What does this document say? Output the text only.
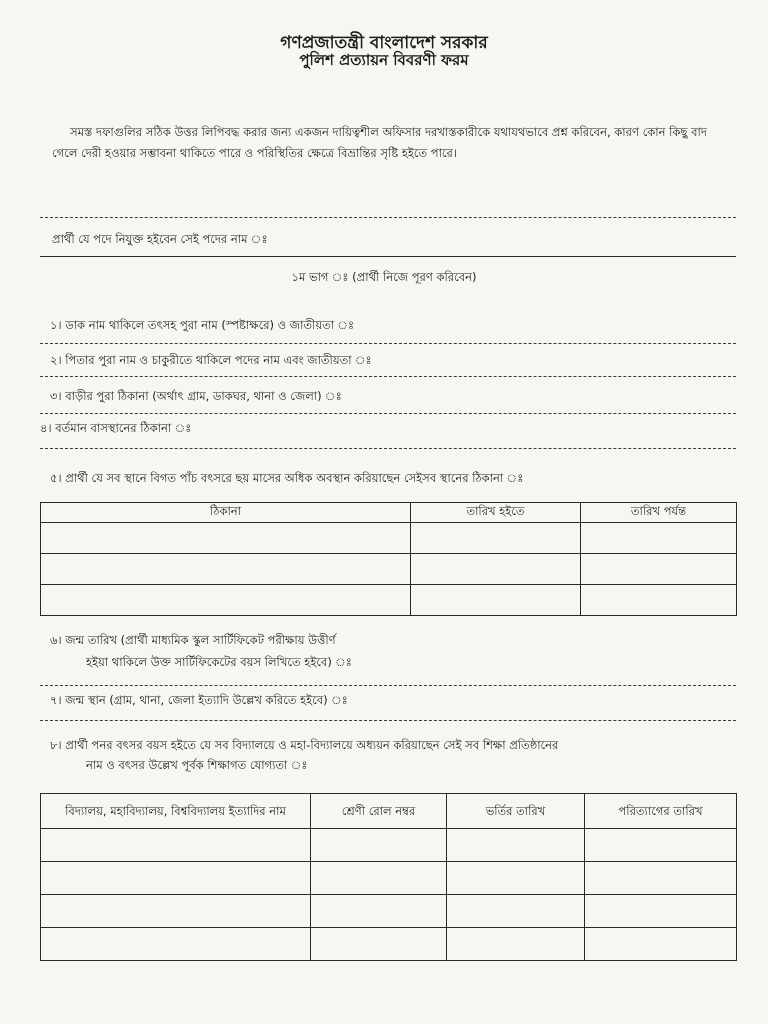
গণপ্রজাতন্ত্রী বাংলাদেশ সরকার
পুলিশ প্রত্যায়ন বিবরণী ফরম
সমস্ত দফাগুলির সঠিক উত্তর লিপিবদ্ধ করার জন্য একজন দায়িত্বশীল অফিসার দরখাস্তকারীকে যথাযথভাবে প্রশ্ন করিবেন, কারণ কোন কিছু বাদ গেলে দেরী হওয়ার সম্ভাবনা থাকিতে পারে ও পরিস্থিতির ক্ষেত্রে বিভ্রান্তির সৃষ্টি হইতে পারে।
প্রার্থী যে পদে নিযুক্ত হইবেন সেই পদের নাম ঃ
১ম ভাগ ঃ (প্রার্থী নিজে পূরণ করিবেন)
১। ডাক নাম থাকিলে তৎসহ পুরা নাম (স্পষ্টাক্ষরে) ও জাতীয়তা ঃ
২। পিতার পুরা নাম ও চাকুরীতে থাকিলে পদের নাম এবং জাতীয়তা ঃ
৩। বাড়ীর পুরা ঠিকানা (অর্থাৎ গ্রাম, ডাকঘর, থানা ও জেলা) ঃ
৪। বর্তমান বাসস্থানের ঠিকানা ঃ
৫। প্রার্থী যে সব স্থানে বিগত পাঁচ বৎসরে ছয় মাসের অধিক অবস্থান করিয়াছেন সেইসব স্থানের ঠিকানা ঃ
ঠিকানা	তারিখ হইতে	তারিখ পর্যন্ত

৬। জন্ম তারিখ (প্রার্থী মাধ্যমিক স্কুল সার্টিফিকেট পরীক্ষায় উত্তীর্ণ
হইয়া থাকিলে উক্ত সার্টিফিকেটের বয়স লিখিতে হইবে) ঃ
৭। জন্ম স্থান (গ্রাম, থানা, জেলা ইত্যাদি উল্লেখ করিতে হইবে) ঃ
৮। প্রার্থী পনর বৎসর বয়স হইতে যে সব বিদ্যালয়ে ও মহা-বিদ্যালয়ে অধ্যয়ন করিয়াছেন সেই সব শিক্ষা প্রতিষ্ঠানের
নাম ও বৎসর উল্লেখ পূর্বক শিক্ষাগত যোগ্যতা ঃ
বিদ্যালয়, মহাবিদ্যালয়, বিশ্ববিদ্যালয় ইত্যাদির নাম	শ্রেণী রোল নম্বর	ভর্তির তারিখ	পরিত্যাগের তারিখ
